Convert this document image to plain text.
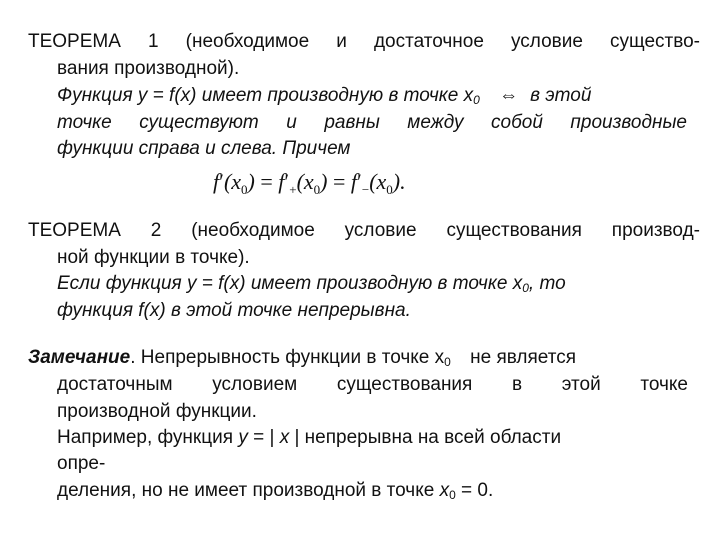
ТЕОРЕМА 1 (необходимое и достаточное условие существо-
вания производной).
Функция y = f(x) имеет производную в точке $x_0$ ⇔ в этой
точке существуют и равны между собой производные
функции справа и слева. Причем
$f'(x_0) = f'_+(x_0) = f'_-(x_0)$.
ТЕОРЕМА 2 (необходимое условие существования производ-
ной функции в точке).
Если функция y = f(x) имеет производную в точке $x_0$, то
функция f(x) в этой точке непрерывна.
Замечание. Непрерывность функции в точке $x_0$ не является
достаточным условием существования в этой точке
производной функции.
Например, функция y = | x | непрерывна на всей области
опре-
деления, но не имеет производной в точке $x_0 = 0$.
